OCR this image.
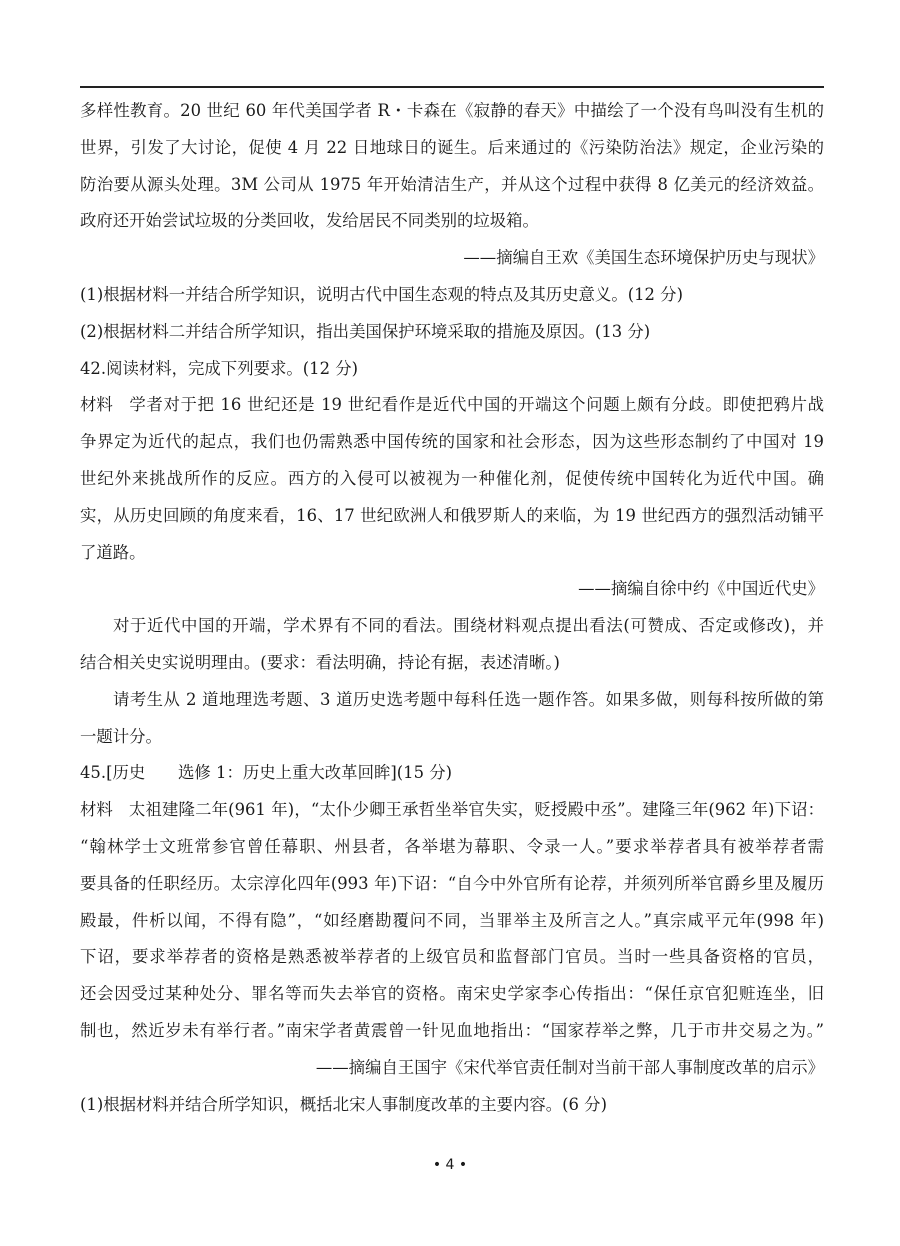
多样性教育。20 世纪 60 年代美国学者 R・卡森在《寂静的春天》中描绘了一个没有鸟叫没有生机的
世界，引发了大讨论，促使 4 月 22 日地球日的诞生。后来通过的《污染防治法》规定，企业污染的
防治要从源头处理。3M 公司从 1975 年开始清洁生产，并从这个过程中获得 8 亿美元的经济效益。
政府还开始尝试垃圾的分类回收，发给居民不同类别的垃圾箱。
——摘编自王欢《美国生态环境保护历史与现状》
(1)根据材料一并结合所学知识，说明古代中国生态观的特点及其历史意义。(12 分)
(2)根据材料二并结合所学知识，指出美国保护环境采取的措施及原因。(13 分)
42.阅读材料，完成下列要求。(12 分)
材料 学者对于把 16 世纪还是 19 世纪看作是近代中国的开端这个问题上颇有分歧。即使把鸦片战
争界定为近代的起点，我们也仍需熟悉中国传统的国家和社会形态，因为这些形态制约了中国对 19
世纪外来挑战所作的反应。西方的入侵可以被视为一种催化剂，促使传统中国转化为近代中国。确
实，从历史回顾的角度来看，16、17 世纪欧洲人和俄罗斯人的来临，为 19 世纪西方的强烈活动铺平
了道路。
——摘编自徐中约《中国近代史》
对于近代中国的开端，学术界有不同的看法。围绕材料观点提出看法(可赞成、否定或修改)，并
结合相关史实说明理由。(要求：看法明确，持论有据，表述清晰。)
请考生从 2 道地理选考题、3 道历史选考题中每科任选一题作答。如果多做，则每科按所做的第
一题计分。
45.[历史　　选修 1：历史上重大改革回眸](15 分)
材料 太祖建隆二年(961 年)，“太仆少卿王承哲坐举官失实，贬授殿中丞”。建隆三年(962 年)下诏：
“翰林学士文班常参官曾任幕职、州县者，各举堪为幕职、令录一人。”要求举荐者具有被举荐者需
要具备的任职经历。太宗淳化四年(993 年)下诏：“自今中外官所有论荐，并须列所举官爵乡里及履历
殿最，件析以闻，不得有隐”，“如经磨勘覆问不同，当罪举主及所言之人。”真宗咸平元年(998 年)
下诏，要求举荐者的资格是熟悉被举荐者的上级官员和监督部门官员。当时一些具备资格的官员，
还会因受过某种处分、罪名等而失去举官的资格。南宋史学家李心传指出：“保任京官犯赃连坐，旧
制也，然近岁未有举行者。”南宋学者黄震曾一针见血地指出：“国家荐举之弊，几于市井交易之为。”
——摘编自王国宇《宋代举官责任制对当前干部人事制度改革的启示》
(1)根据材料并结合所学知识，概括北宋人事制度改革的主要内容。(6 分)
• 4 •
